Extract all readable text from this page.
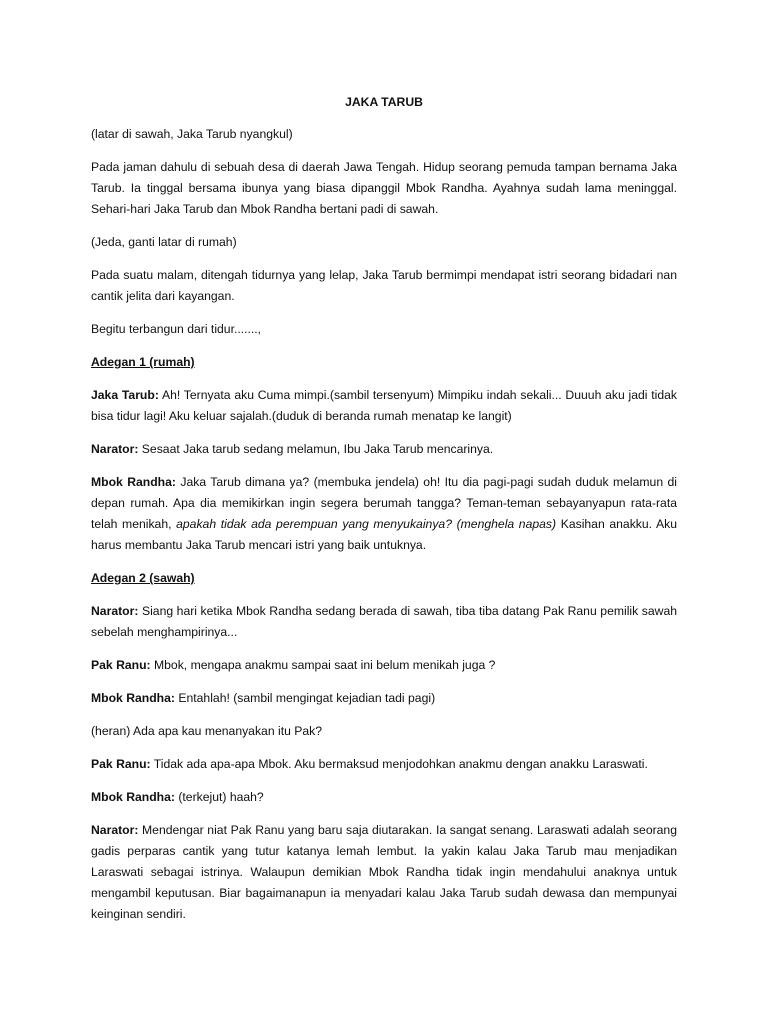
JAKA TARUB

(latar di sawah, Jaka Tarub nyangkul)

Pada jaman dahulu di sebuah desa di daerah Jawa Tengah. Hidup seorang pemuda tampan bernama Jaka Tarub. Ia tinggal bersama ibunya yang biasa dipanggil Mbok Randha. Ayahnya sudah lama meninggal. Sehari-hari Jaka Tarub dan Mbok Randha bertani padi di sawah.

(Jeda, ganti latar di rumah)

Pada suatu malam, ditengah tidurnya yang lelap, Jaka Tarub bermimpi mendapat istri seorang bidadari nan cantik jelita dari kayangan.

Begitu terbangun dari tidur.......,

Adegan 1 (rumah)

Jaka Tarub: Ah! Ternyata aku Cuma mimpi.(sambil tersenyum) Mimpiku indah sekali... Duuuh aku jadi tidak bisa tidur lagi! Aku keluar sajalah.(duduk di beranda rumah menatap ke langit)

Narator: Sesaat Jaka tarub sedang melamun, Ibu Jaka Tarub mencarinya.

Mbok Randha: Jaka Tarub dimana ya? (membuka jendela) oh! Itu dia pagi-pagi sudah duduk melamun di depan rumah. Apa dia memikirkan ingin segera berumah tangga? Teman-teman sebayanyapun rata-rata telah menikah, apakah tidak ada perempuan yang menyukainya? (menghela napas) Kasihan anakku. Aku harus membantu Jaka Tarub mencari istri yang baik untuknya.

Adegan 2 (sawah)

Narator: Siang hari ketika Mbok Randha sedang berada di sawah, tiba tiba datang Pak Ranu pemilik sawah sebelah menghampirinya...

Pak Ranu: Mbok, mengapa anakmu sampai saat ini belum menikah juga ?

Mbok Randha: Entahlah! (sambil mengingat kejadian tadi pagi)

(heran) Ada apa kau menanyakan itu Pak?

Pak Ranu: Tidak ada apa-apa Mbok. Aku bermaksud menjodohkan anakmu dengan anakku Laraswati.

Mbok Randha: (terkejut) haah?

Narator: Mendengar niat Pak Ranu yang baru saja diutarakan. Ia sangat senang. Laraswati adalah seorang gadis perparas cantik yang tutur katanya lemah lembut. Ia yakin kalau Jaka Tarub mau menjadikan Laraswati sebagai istrinya. Walaupun demikian Mbok Randha tidak ingin mendahului anaknya untuk mengambil keputusan. Biar bagaimanapun ia menyadari kalau Jaka Tarub sudah dewasa dan mempunyai keinginan sendiri.
